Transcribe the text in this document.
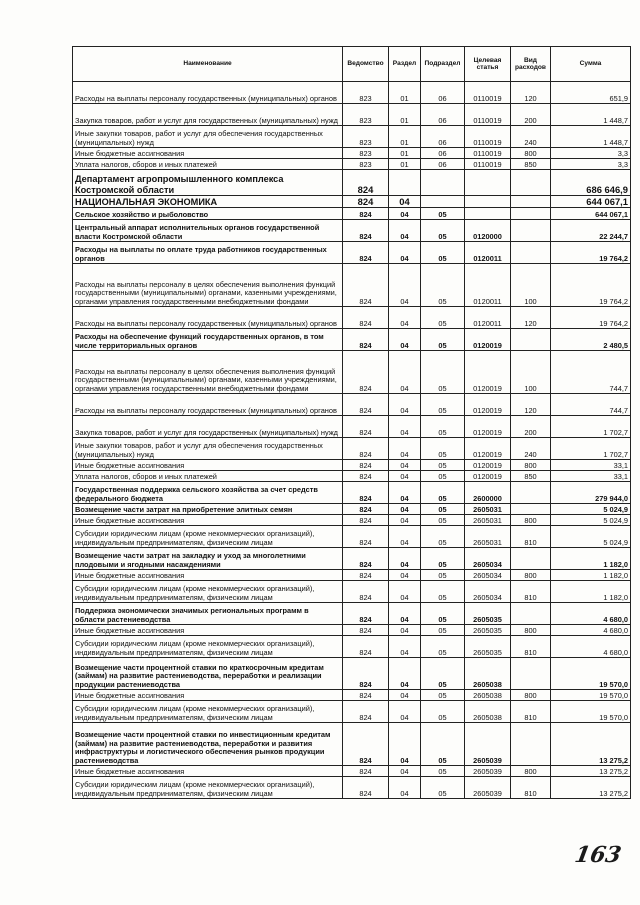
Наименование	Ведомство	Раздел	Подраздел	Целевая статья	Вид расходов	Сумма
Расходы на выплаты персоналу государственных (муниципальных) органов	823	01	06	0110019	120	651,9
Закупка товаров, работ и услуг для государственных (муниципальных) нужд	823	01	06	0110019	200	1 448,7
Иные закупки товаров, работ и услуг для обеспечения государственных (муниципальных) нужд	823	01	06	0110019	240	1 448,7
Иные бюджетные ассигнования	823	01	06	0110019	800	3,3
Уплата налогов, сборов и иных платежей	823	01	06	0110019	850	3,3
Департамент агропромышленного комплекса Костромской области	824					686 646,9
НАЦИОНАЛЬНАЯ ЭКОНОМИКА	824	04				644 067,1
Сельское хозяйство и рыболовство	824	04	05			644 067,1
Центральный аппарат исполнительных органов государственной власти Костромской области	824	04	05	0120000		22 244,7
Расходы на выплаты по оплате труда работников государственных органов	824	04	05	0120011		19 764,2
Расходы на выплаты персоналу в целях обеспечения выполнения функций государственными (муниципальными) органами, казенными учреждениями, органами управления государственными внебюджетными фондами	824	04	05	0120011	100	19 764,2
Расходы на выплаты персоналу государственных (муниципальных) органов	824	04	05	0120011	120	19 764,2
Расходы на обеспечение функций государственных органов, в том числе территориальных органов	824	04	05	0120019		2 480,5
Расходы на выплаты персоналу в целях обеспечения выполнения функций государственными (муниципальными) органами, казенными учреждениями, органами управления государственными внебюджетными фондами	824	04	05	0120019	100	744,7
Расходы на выплаты персоналу государственных (муниципальных) органов	824	04	05	0120019	120	744,7
Закупка товаров, работ и услуг для государственных (муниципальных) нужд	824	04	05	0120019	200	1 702,7
Иные закупки товаров, работ и услуг для обеспечения государственных (муниципальных) нужд	824	04	05	0120019	240	1 702,7
Иные бюджетные ассигнования	824	04	05	0120019	800	33,1
Уплата налогов, сборов и иных платежей	824	04	05	0120019	850	33,1
Государственная поддержка сельского хозяйства за счет средств федерального бюджета	824	04	05	2600000		279 944,0
Возмещение части затрат на приобретение элитных семян	824	04	05	2605031		5 024,9
Иные бюджетные ассигнования	824	04	05	2605031	800	5 024,9
Субсидии юридическим лицам (кроме некоммерческих организаций), индивидуальным предпринимателям, физическим лицам	824	04	05	2605031	810	5 024,9
Возмещение части затрат на закладку и уход за многолетними плодовыми и ягодными насаждениями	824	04	05	2605034		1 182,0
Иные бюджетные ассигнования	824	04	05	2605034	800	1 182,0
Субсидии юридическим лицам (кроме некоммерческих организаций), индивидуальным предпринимателям, физическим лицам	824	04	05	2605034	810	1 182,0
Поддержка экономически значимых региональных программ в области растениеводства	824	04	05	2605035		4 680,0
Иные бюджетные ассигнования	824	04	05	2605035	800	4 680,0
Субсидии юридическим лицам (кроме некоммерческих организаций), индивидуальным предпринимателям, физическим лицам	824	04	05	2605035	810	4 680,0
Возмещение части процентной ставки по краткосрочным кредитам (займам) на развитие растениеводства, переработки и реализации продукции растениеводства	824	04	05	2605038		19 570,0
Иные бюджетные ассигнования	824	04	05	2605038	800	19 570,0
Субсидии юридическим лицам (кроме некоммерческих организаций), индивидуальным предпринимателям, физическим лицам	824	04	05	2605038	810	19 570,0
Возмещение части процентной ставки по инвестиционным кредитам (займам) на развитие растениеводства, переработки и развития инфраструктуры и логистического обеспечения рынков продукции растениеводства	824	04	05	2605039		13 275,2
Иные бюджетные ассигнования	824	04	05	2605039	800	13 275,2
Субсидии юридическим лицам (кроме некоммерческих организаций), индивидуальным предпринимателям, физическим лицам	824	04	05	2605039	810	13 275,2
163
